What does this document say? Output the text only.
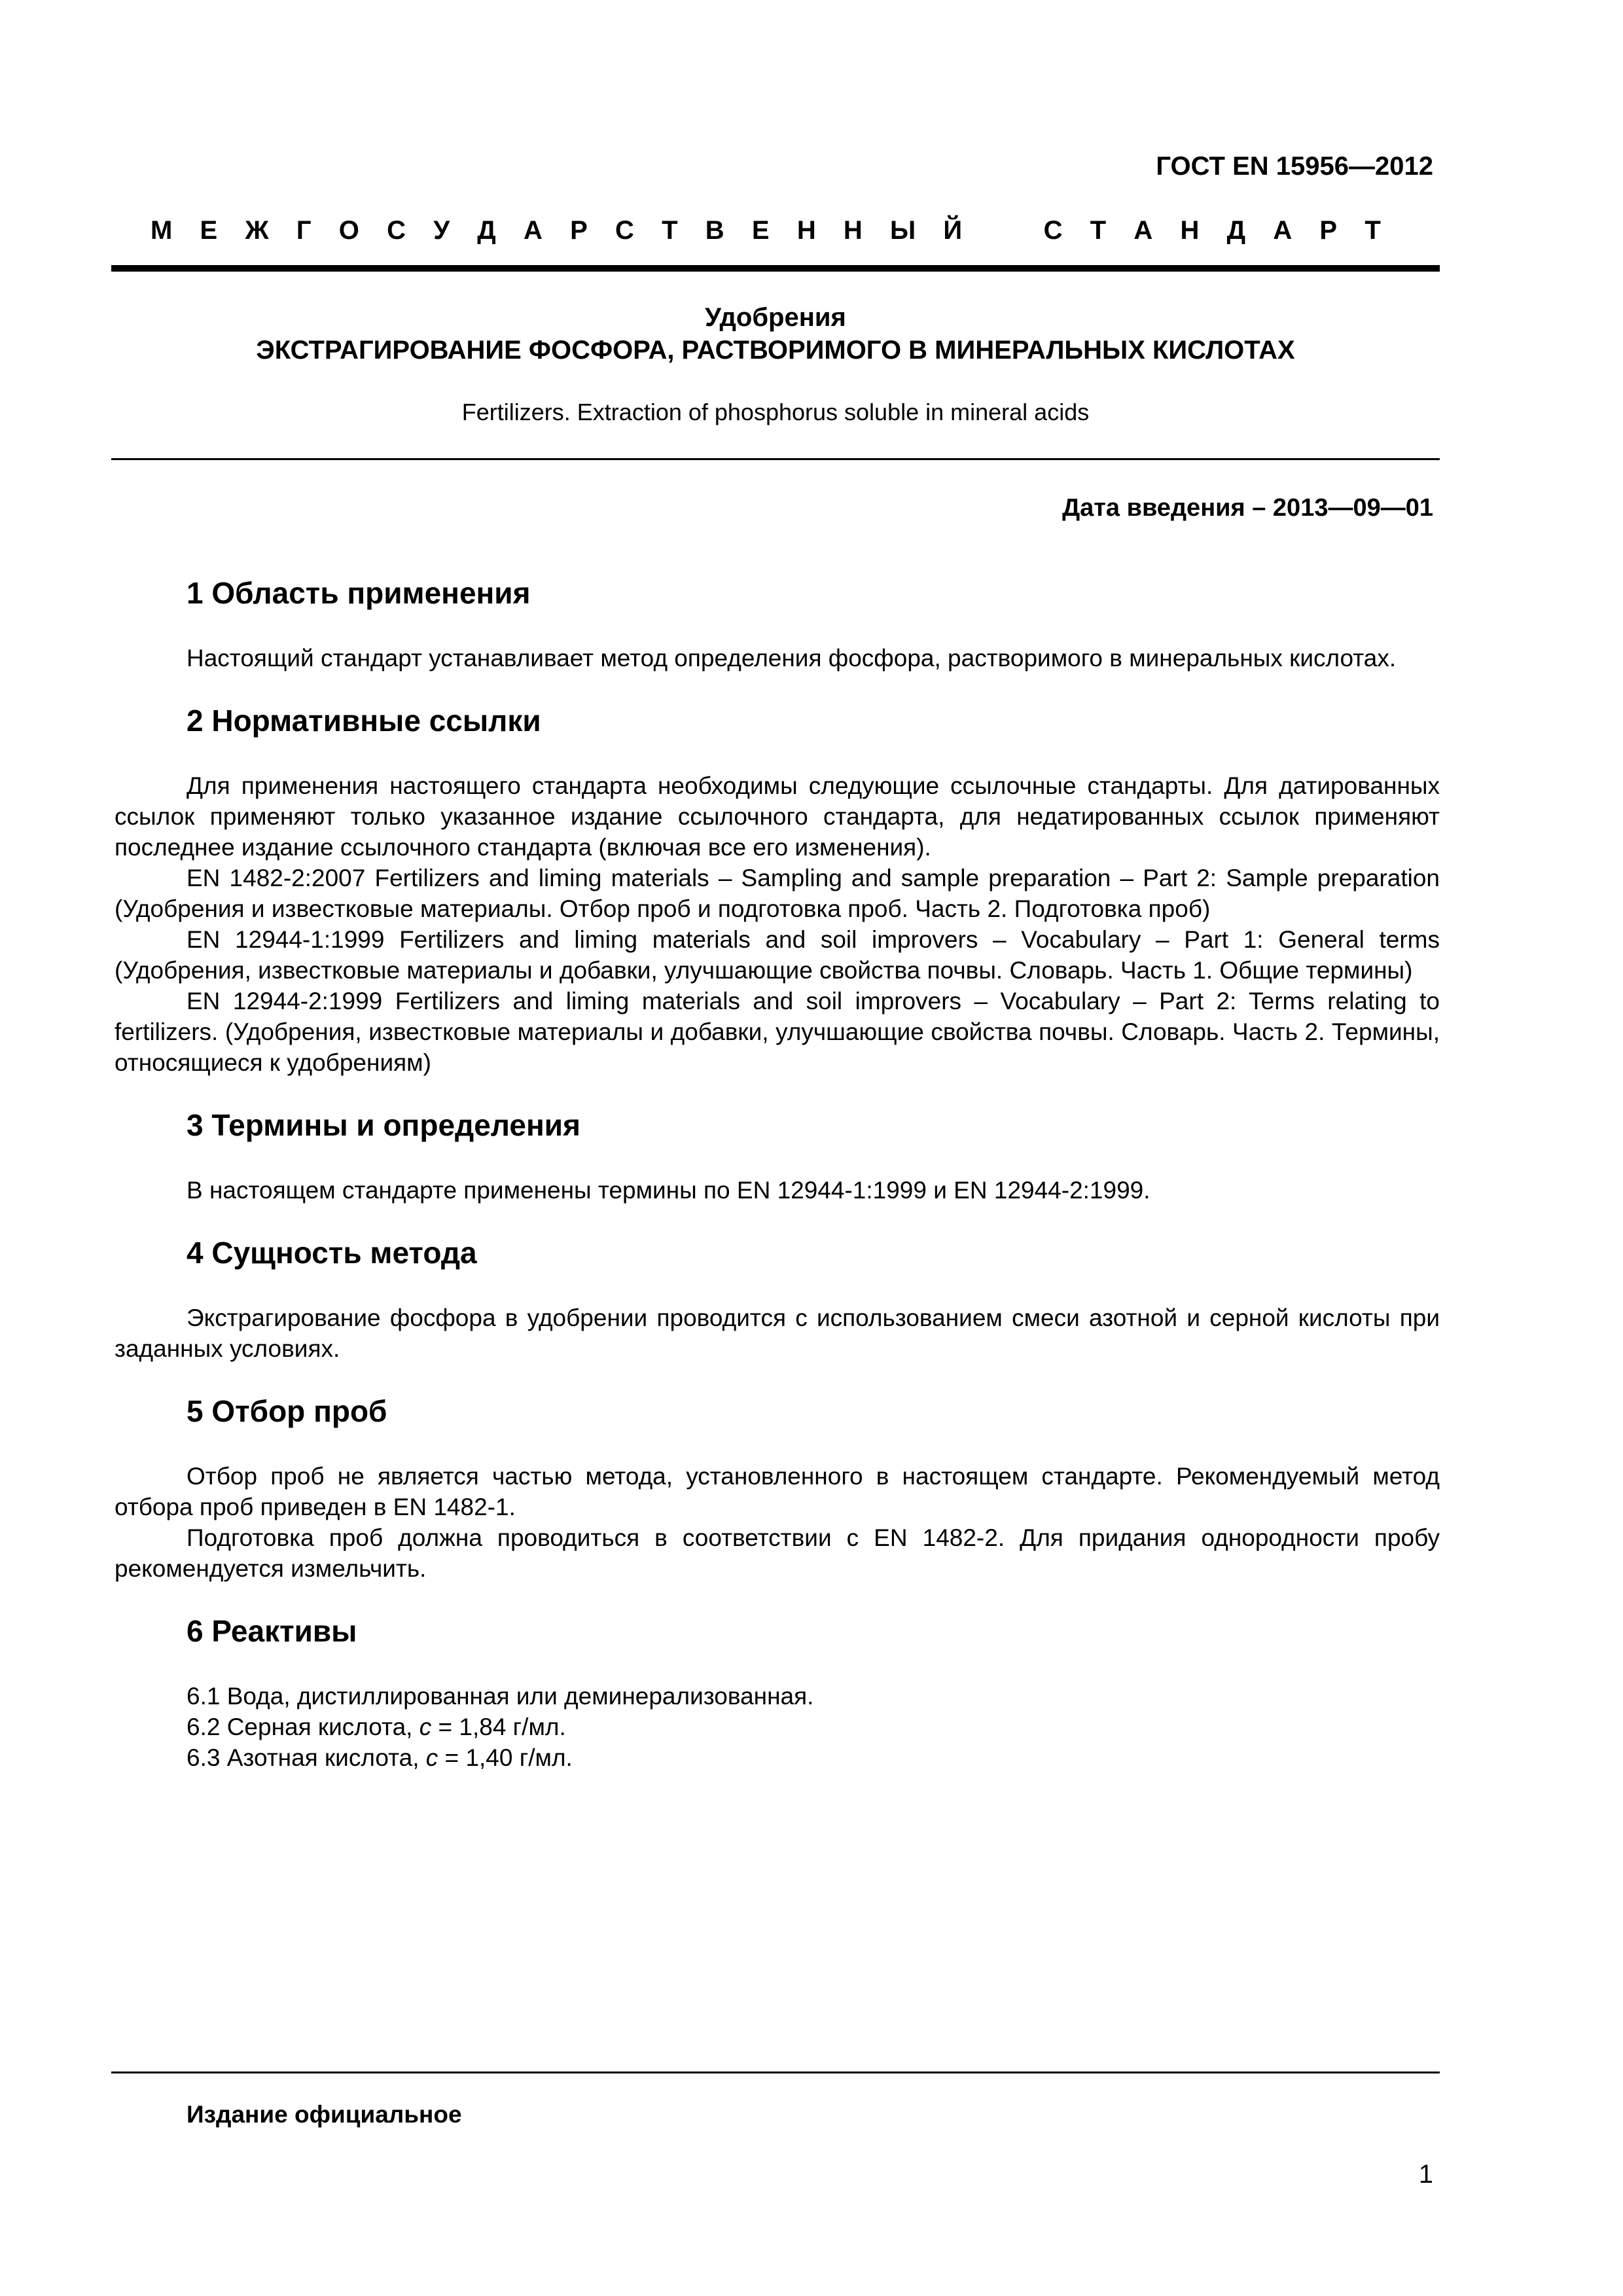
ГОСТ EN 15956—2012
М Е Ж Г О С У Д А Р С Т В Е Н Н Ы Й	С Т А Н Д А Р Т
Удобрения
ЭКСТРАГИРОВАНИЕ ФОСФОРА, РАСТВОРИМОГО В МИНЕРАЛЬНЫХ КИСЛОТАХ
Fertilizers. Extraction of phosphorus soluble in mineral acids
Дата введения – 2013—09—01
1 Область применения

Настоящий стандарт устанавливает метод определения фосфора, растворимого в минеральных кислотах.

2 Нормативные ссылки

Для применения настоящего стандарта необходимы следующие ссылочные стандарты. Для датированных ссылок применяют только указанное издание ссылочного стандарта, для недатированных ссылок применяют последнее издание ссылочного стандарта (включая все его изменения).

EN 1482-2:2007 Fertilizers and liming materials – Sampling and sample preparation – Part 2: Sample preparation (Удобрения и известковые материалы. Отбор проб и подготовка проб. Часть 2. Подготовка проб)

EN 12944-1:1999 Fertilizers and liming materials and soil improvers – Vocabulary – Part 1: General terms (Удобрения, известковые материалы и добавки, улучшающие свойства почвы. Словарь. Часть 1. Общие термины)

EN 12944-2:1999 Fertilizers and liming materials and soil improvers – Vocabulary – Part 2: Terms relating to fertilizers. (Удобрения, известковые материалы и добавки, улучшающие свойства почвы. Словарь. Часть 2. Термины, относящиеся к удобрениям)

3 Термины и определения

В настоящем стандарте применены термины по EN 12944-1:1999 и EN 12944-2:1999.

4 Сущность метода

Экстрагирование фосфора в удобрении проводится с использованием смеси азотной и серной кислоты при заданных условиях.

5 Отбор проб

Отбор проб не является частью метода, установленного в настоящем стандарте. Рекомендуемый метод отбора проб приведен в EN 1482-1.

Подготовка проб должна проводиться в соответствии с EN 1482-2. Для придания однородности пробу рекомендуется измельчить.

6 Реактивы
6.1 Вода, дистиллированная или деминерализованная.
6.2 Серная кислота, с = 1,84 г/мл.
6.3 Азотная кислота, с = 1,40 г/мл.
Издание официальное
1
